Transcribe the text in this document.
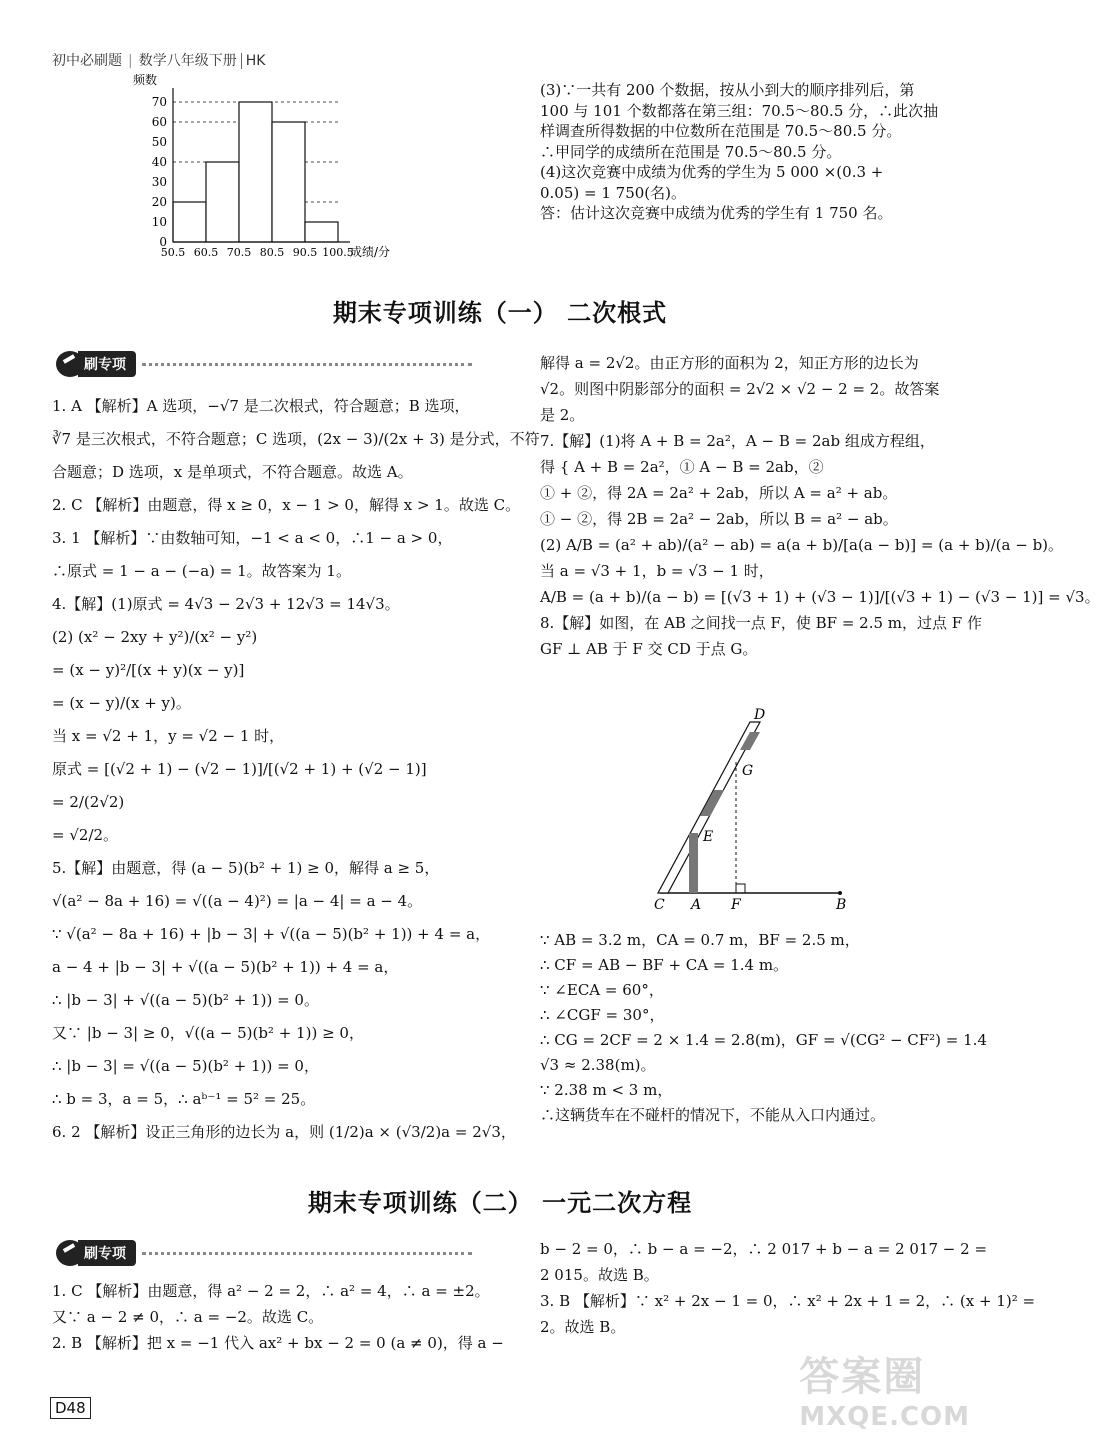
初中必刷题 | 数学八年级下册 HK
0
10
20
30
40
50
60
70
50.5 60.5 70.5 80.5 90.5 100.5
频数
成绩/分

(3)∵一共有 200 个数据，按从小到大的顺序排列后，第

100 与 101 个数都落在第三组：70.5～80.5 分，∴此次抽

样调查所得数据的中位数所在范围是 70.5～80.5 分。

∴甲同学的成绩所在范围是 70.5～80.5 分。

(4)这次竞赛中成绩为优秀的学生为 5 000 ×(0.3 +

0.05) = 1 750(名)。

答：估计这次竞赛中成绩为优秀的学生有 1 750 名。

期末专项训练（一） 二次根式
刷专项

1. A 【解析】A 选项，−√7 是二次根式，符合题意；B 选项，

∛7 是三次根式，不符合题意；C 选项，(2x − 3)/(2x + 3) 是分式，不符

合题意；D 选项，x 是单项式，不符合题意。故选 A。

2. C 【解析】由题意，得 x ≥ 0，x − 1 > 0，解得 x > 1。故选 C。

3. 1 【解析】∵由数轴可知，−1 < a < 0，∴1 − a > 0，

∴原式 = 1 − a − (−a) = 1。故答案为 1。

4.【解】(1)原式 = 4√3 − 2√3 + 12√3 = 14√3。

(2) (x² − 2xy + y²)/(x² − y²)

= (x − y)²/[(x + y)(x − y)]

= (x − y)/(x + y)。

当 x = √2 + 1，y = √2 − 1 时，

原式 = [(√2 + 1) − (√2 − 1)]/[(√2 + 1) + (√2 − 1)]

= 2/(2√2)

= √2/2。

5.【解】由题意，得 (a − 5)(b² + 1) ≥ 0，解得 a ≥ 5，

√(a² − 8a + 16) = √((a − 4)²) = |a − 4| = a − 4。

∵ √(a² − 8a + 16) + |b − 3| + √((a − 5)(b² + 1)) + 4 = a，

a − 4 + |b − 3| + √((a − 5)(b² + 1)) + 4 = a，

∴ |b − 3| + √((a − 5)(b² + 1)) = 0。

又∵ |b − 3| ≥ 0，√((a − 5)(b² + 1)) ≥ 0，

∴ |b − 3| = √((a − 5)(b² + 1)) = 0，

∴ b = 3，a = 5，∴ aᵇ⁻¹ = 5² = 25。

6. 2 【解析】设正三角形的边长为 a，则 (1/2)a × (√3/2)a = 2√3，

解得 a = 2√2。由正方形的面积为 2，知正方形的边长为

√2。则图中阴影部分的面积 = 2√2 × √2 − 2 = 2。故答案

是 2。

7.【解】(1)将 A + B = 2a²，A − B = 2ab 组成方程组，

得 { A + B = 2a²，① A − B = 2ab，②

① + ②，得 2A = 2a² + 2ab，所以 A = a² + ab。

① − ②，得 2B = 2a² − 2ab，所以 B = a² − ab。

(2) A/B = (a² + ab)/(a² − ab) = a(a + b)/[a(a − b)] = (a + b)/(a − b)。

当 a = √3 + 1，b = √3 − 1 时，

A/B = (a + b)/(a − b) = [(√3 + 1) + (√3 − 1)]/[(√3 + 1) − (√3 − 1)] = √3。

8.【解】如图，在 AB 之间找一点 F，使 BF = 2.5 m，过点 F 作

GF ⊥ AB 于 F 交 CD 于点 G。

D
G
E
C A F	B

∵ AB = 3.2 m，CA = 0.7 m，BF = 2.5 m，

∴ CF = AB − BF + CA = 1.4 m。

∵ ∠ECA = 60°，

∴ ∠CGF = 30°，

∴ CG = 2CF = 2 × 1.4 = 2.8(m)，GF = √(CG² − CF²) = 1.4

√3 ≈ 2.38(m)。

∵ 2.38 m < 3 m，

∴这辆货车在不碰杆的情况下，不能从入口内通过。

期末专项训练（二） 一元二次方程
刷专项

1. C 【解析】由题意，得 a² − 2 = 2，∴ a² = 4，∴ a = ±2。

又∵ a − 2 ≠ 0，∴ a = −2。故选 C。

2. B 【解析】把 x = −1 代入 ax² + bx − 2 = 0 (a ≠ 0)，得 a −

b − 2 = 0，∴ b − a = −2，∴ 2 017 + b − a = 2 017 − 2 =

2 015。故选 B。

3. B 【解析】∵ x² + 2x − 1 = 0，∴ x² + 2x + 1 = 2，∴ (x + 1)² =

2。故选 B。

D48
答案圈
MXQE.COM
